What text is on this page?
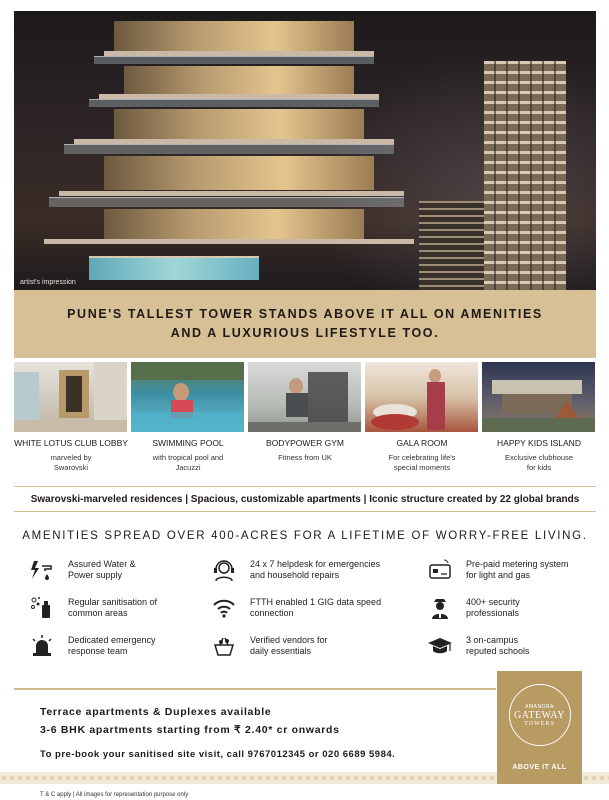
artist's impression
PUNE'S TALLEST TOWER STANDS ABOVE IT ALL ON AMENITIES
AND A LUXURIOUS LIFESTYLE TOO.
WHITE LOTUS CLUB LOBBY
marveled by
Swarovski
SWIMMING POOL
with tropical pool and
Jacuzzi
BODYPOWER GYM
Fitness from UK
GALA ROOM
For celebrating life's
special moments
HAPPY KIDS ISLAND
Exclusive clubhouse
for kids
Swarovski-marveled residences | Spacious, customizable apartments | Iconic structure created by 22 global brands
AMENITIES SPREAD OVER 400-ACRES FOR A LIFETIME OF WORRY-FREE LIVING.
Assured Water &
Power supply
24 x 7 helpdesk for emergencies
and household repairs
Pre-paid metering system
for light and gas
Regular sanitisation of
common areas
FTTH enabled 1 GIG data speed
connection
400+ security
professionals
Dedicated emergency
response team
Verified vendors for
daily essentials
3 on-campus
reputed schools
Terrace apartments & Duplexes available
3-6 BHK apartments starting from ₹ 2.40* cr onwards
To pre-book your sanitised site visit, call 9767012345 or 020 6689 5984.
AMANORA
GATEWAY
TOWERS
ABOVE IT ALL
T & C apply | All images for representation purpose only
